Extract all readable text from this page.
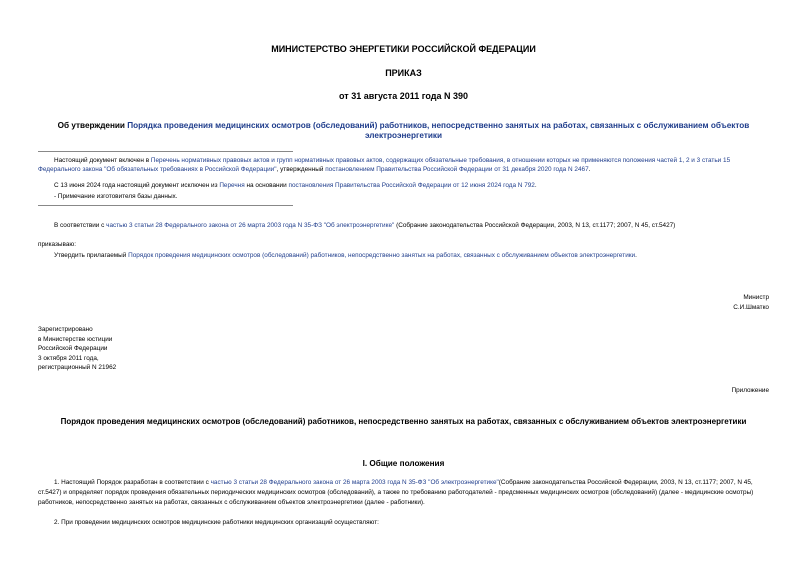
МИНИСТЕРСТВО ЭНЕРГЕТИКИ РОССИЙСКОЙ ФЕДЕРАЦИИ
ПРИКАЗ
от 31 августа 2011 года N 390
Об утверждении Порядка проведения медицинских осмотров (обследований) работников, непосредственно занятых на работах, связанных с обслуживанием объектов электроэнергетики
Настоящий документ включен в Перечень нормативных правовых актов и групп нормативных правовых актов, содержащих обязательные требования, в отношении которых не применяются положения частей 1, 2 и 3 статьи 15 Федерального закона "Об обязательных требованиях в Российской Федерации", утвержденный постановлением Правительства Российской Федерации от 31 декабря 2020 года N 2467.
С 13 июня 2024 года настоящий документ исключен из Перечня на основании постановления Правительства Российской Федерации от 12 июня 2024 года N 792.
- Примечание изготовителя базы данных.
В соответствии с частью 3 статьи 28 Федерального закона от 26 марта 2003 года N 35-ФЗ "Об электроэнергетике" (Собрание законодательства Российской Федерации, 2003, N 13, ст.1177; 2007, N 45, ст.5427)
приказываю:
Утвердить прилагаемый Порядок проведения медицинских осмотров (обследований) работников, непосредственно занятых на работах, связанных с обслуживанием объектов электроэнергетики.
Министр
С.И.Шматко
Зарегистрировано
в Министерстве юстиции
Российской Федерации
3 октября 2011 года,
регистрационный N 21962
Приложение
Порядок проведения медицинских осмотров (обследований) работников, непосредственно занятых на работах, связанных с обслуживанием объектов электроэнергетики
I. Общие положения
1. Настоящий Порядок разработан в соответствии с частью 3 статьи 28 Федерального закона от 26 марта 2003 года N 35-ФЗ "Об электроэнергетике"(Собрание законодательства Российской Федерации, 2003, N 13, ст.1177; 2007, N 45, ст.5427) и определяет порядок проведения обязательных периодических медицинских осмотров (обследований), а также по требованию работодателей - предсменных медицинских осмотров (обследований) (далее - медицинские осмотры) работников, непосредственно занятых на работах, связанных с обслуживанием объектов электроэнергетики (далее - работники).
2. При проведении медицинских осмотров медицинские работники медицинских организаций осуществляют:
